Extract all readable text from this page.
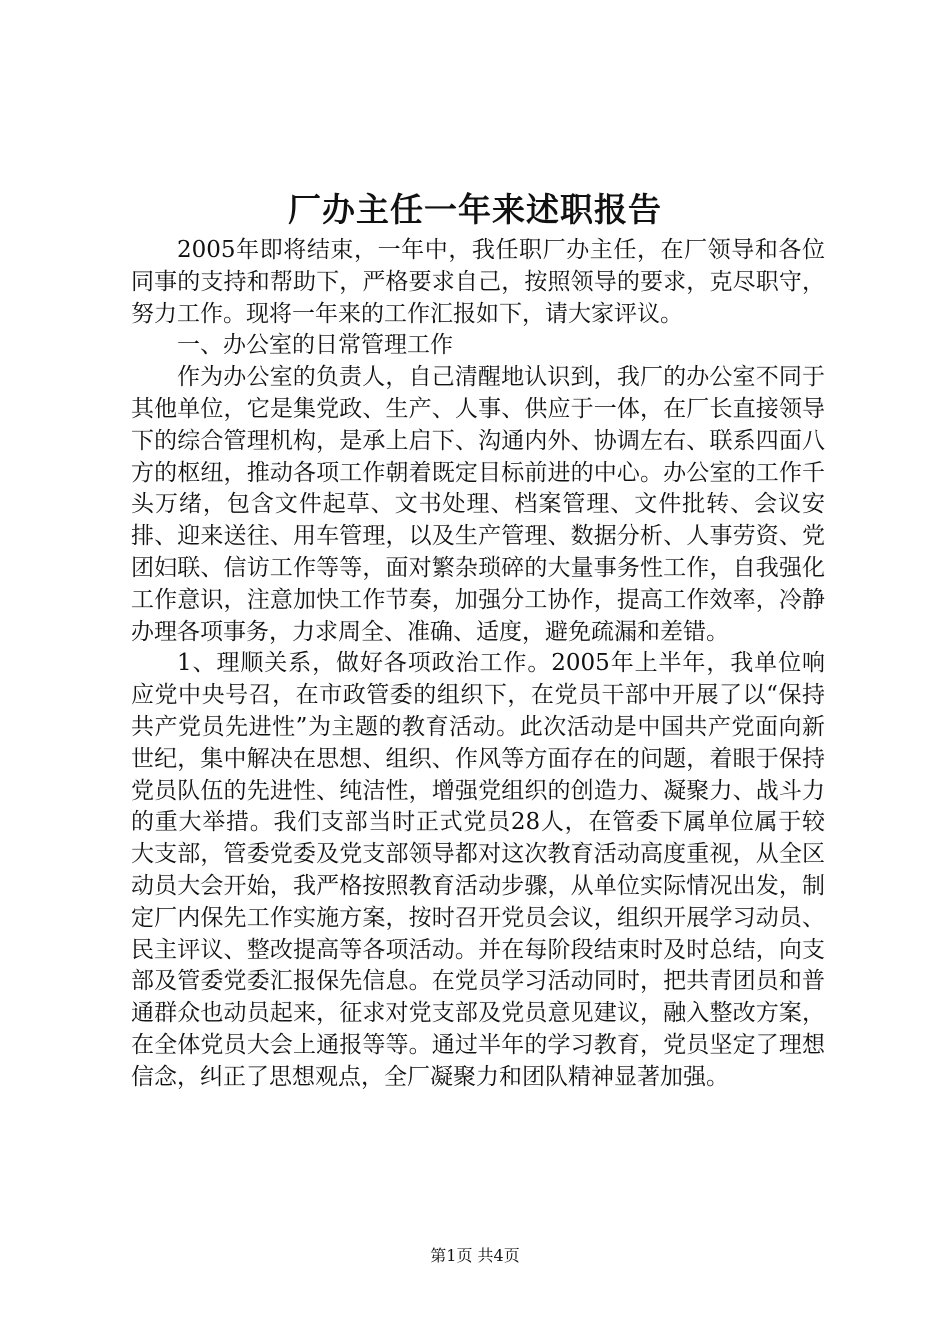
厂办主任一年来述职报告

2005年即将结束，一年中，我任职厂办主任，在厂领导和各位同事的支持和帮助下，严格要求自己，按照领导的要求，克尽职守，努力工作。现将一年来的工作汇报如下，请大家评议。

一、办公室的日常管理工作

作为办公室的负责人，自己清醒地认识到，我厂的办公室不同于其他单位，它是集党政、生产、人事、供应于一体，在厂长直接领导下的综合管理机构，是承上启下、沟通内外、协调左右、联系四面八方的枢纽，推动各项工作朝着既定目标前进的中心。办公室的工作千头万绪，包含文件起草、文书处理、档案管理、文件批转、会议安排、迎来送往、用车管理，以及生产管理、数据分析、人事劳资、党团妇联、信访工作等等，面对繁杂琐碎的大量事务性工作，自我强化工作意识，注意加快工作节奏，加强分工协作，提高工作效率，冷静办理各项事务，力求周全、准确、适度，避免疏漏和差错。

1、理顺关系，做好各项政治工作。2005年上半年，我单位响应党中央号召，在市政管委的组织下，在党员干部中开展了以“保持共产党员先进性”为主题的教育活动。此次活动是中国共产党面向新世纪，集中解决在思想、组织、作风等方面存在的问题，着眼于保持党员队伍的先进性、纯洁性，增强党组织的创造力、凝聚力、战斗力的重大举措。我们支部当时正式党员28人，在管委下属单位属于较大支部，管委党委及党支部领导都对这次教育活动高度重视，从全区动员大会开始，我严格按照教育活动步骤，从单位实际情况出发，制定厂内保先工作实施方案，按时召开党员会议，组织开展学习动员、民主评议、整改提高等各项活动。并在每阶段结束时及时总结，向支部及管委党委汇报保先信息。在党员学习活动同时，把共青团员和普通群众也动员起来，征求对党支部及党员意见建议，融入整改方案，在全体党员大会上通报等等。通过半年的学习教育，党员坚定了理想信念，纠正了思想观点，全厂凝聚力和团队精神显著加强。

第1页 共4页
